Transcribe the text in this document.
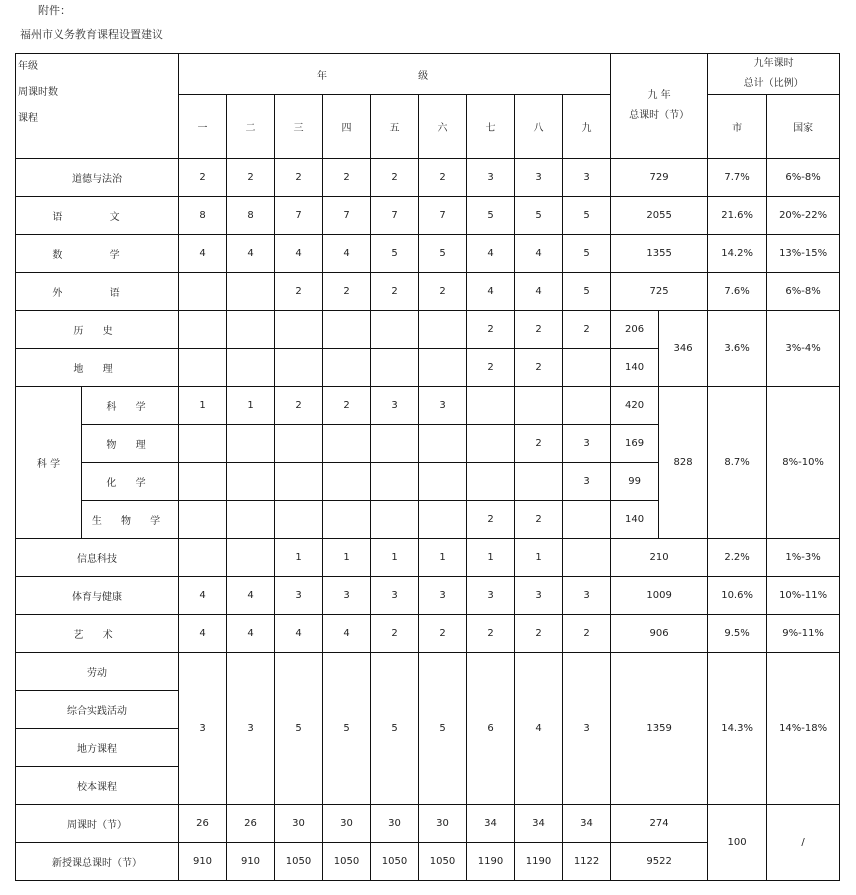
附件：
福州市义务教育课程设置建议
年级
周课时数
课程		年 级									九 年
总课时（节）		九年课时
总计（比例）	

		一	二	三	四	五	六	七	八	九			市	国家
道德与法治		2	2	2	2	2	2	3	3	3	729		7.7%	6%-8%
语 文		8	8	7	7	7	7	5	5	5	2055		21.6%	20%-22%
数 学		4	4	4	4	5	5	4	4	5	1355		14.2%	13%-15%
外 语				2	2	2	2	4	4	5	725		7.6%	6%-8%
历 史								2	2	2	206	346	3.6%	3%-4%
地 理								2	2		140			
科 学	科 学	1	1	2	2	3	3				420	828	8.7%	8%-10%
	物 理								2	3	169			
	化 学									3	99			
	生 物 学							2	2		140			
信息科技				1	1	1	1	1	1		210		2.2%	1%-3%
体育与健康		4	4	3	3	3	3	3	3	3	1009		10.6%	10%-11%
艺 术		4	4	4	4	2	2	2	2	2	906		9.5%	9%-11%
劳动		3	3	5	5	5	5	6	4	3	1359		14.3%	14%-18%
综合实践活动														
地方课程														
校本课程														
周课时（节）		26	26	30	30	30	30	34	34	34	274		100	/
新授课总课时（节）		910	910	1050	1050	1050	1050	1190	1190	1122	9522			
